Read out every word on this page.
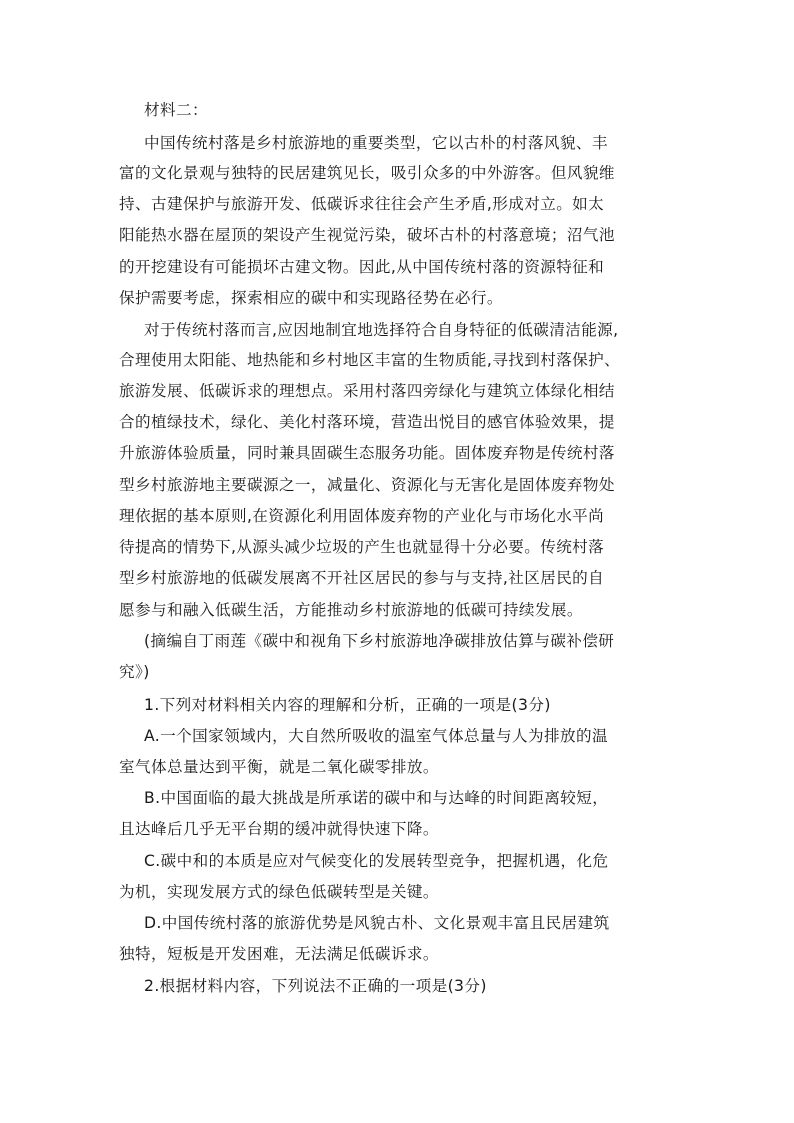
材料二：
中国传统村落是乡村旅游地的重要类型，它以古朴的村落风貌、丰
富的文化景观与独特的民居建筑见长，吸引众多的中外游客。但风貌维
持、古建保护与旅游开发、低碳诉求往往会产生矛盾,形成对立。如太
阳能热水器在屋顶的架设产生视觉污染，破坏古朴的村落意境；沼气池
的开挖建设有可能损坏古建文物。因此,从中国传统村落的资源特征和
保护需要考虑，探索相应的碳中和实现路径势在必行。
对于传统村落而言,应因地制宜地选择符合自身特征的低碳清洁能源,
合理使用太阳能、地热能和乡村地区丰富的生物质能,寻找到村落保护、
旅游发展、低碳诉求的理想点。采用村落四旁绿化与建筑立体绿化相结
合的植绿技术，绿化、美化村落环境，营造出悦目的感官体验效果，提
升旅游体验质量，同时兼具固碳生态服务功能。固体废弃物是传统村落
型乡村旅游地主要碳源之一，减量化、资源化与无害化是固体废弃物处
理依据的基本原则,在资源化利用固体废弃物的产业化与市场化水平尚
待提高的情势下,从源头减少垃圾的产生也就显得十分必要。传统村落
型乡村旅游地的低碳发展离不开社区居民的参与与支持,社区居民的自
愿参与和融入低碳生活，方能推动乡村旅游地的低碳可持续发展。
(摘编自丁雨莲《碳中和视角下乡村旅游地净碳排放估算与碳补偿研
究》)
1.下列对材料相关内容的理解和分析，正确的一项是(3分)
A.一个国家领域内，大自然所吸收的温室气体总量与人为排放的温
室气体总量达到平衡，就是二氧化碳零排放。
B.中国面临的最大挑战是所承诺的碳中和与达峰的时间距离较短，
且达峰后几乎无平台期的缓冲就得快速下降。
C.碳中和的本质是应对气候变化的发展转型竞争，把握机遇，化危
为机，实现发展方式的绿色低碳转型是关键。
D.中国传统村落的旅游优势是风貌古朴、文化景观丰富且民居建筑
独特，短板是开发困难，无法满足低碳诉求。
2.根据材料内容，下列说法不正确的一项是(3分)
